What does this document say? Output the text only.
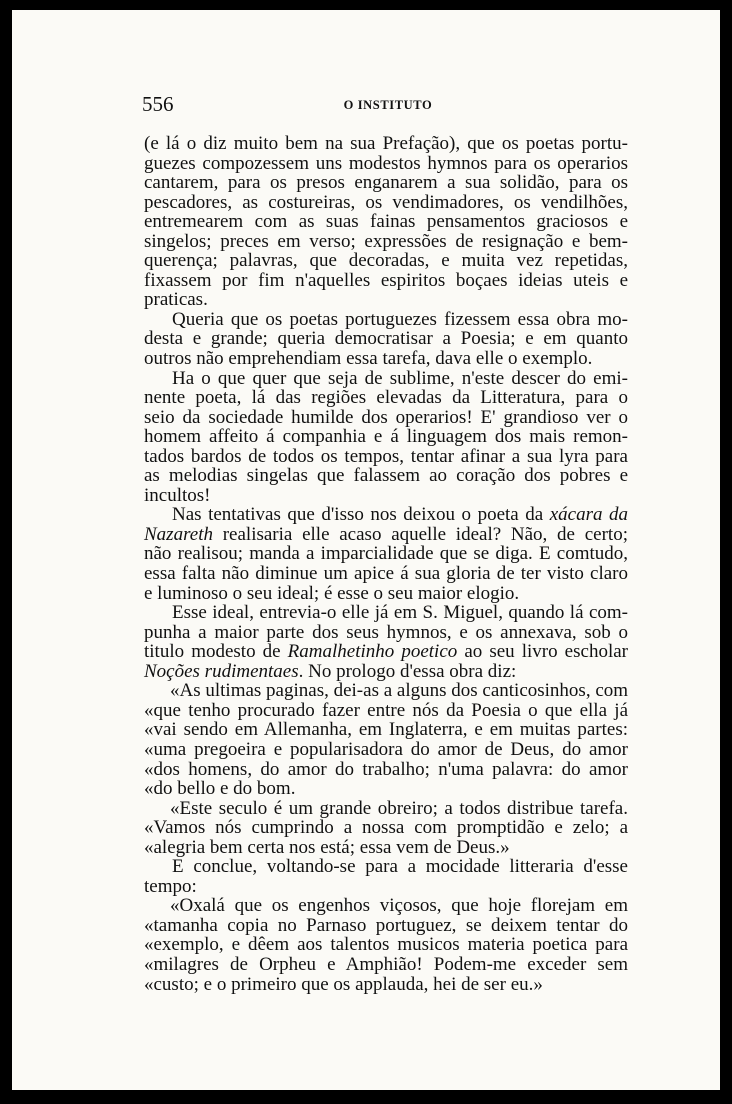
556	O INSTITUTO
(e lá o diz muito bem na sua Prefação), que os poetas portu-
guezes compozessem uns modestos hymnos para os operarios
cantarem, para os presos enganarem a sua solidão, para os
pescadores, as costureiras, os vendimadores, os vendilhões,
entremearem com as suas fainas pensamentos graciosos e
singelos; preces em verso; expressões de resignação e bem-
querença; palavras, que decoradas, e muita vez repetidas,
fixassem por fim n'aquelles espiritos boçaes ideias uteis e
praticas.
Queria que os poetas portuguezes fizessem essa obra mo-
desta e grande; queria democratisar a Poesia; e em quanto
outros não emprehendiam essa tarefa, dava elle o exemplo.
Ha o que quer que seja de sublime, n'este descer do emi-
nente poeta, lá das regiões elevadas da Litteratura, para o
seio da sociedade humilde dos operarios! E' grandioso ver o
homem affeito á companhia e á linguagem dos mais remon-
tados bardos de todos os tempos, tentar afinar a sua lyra para
as melodias singelas que falassem ao coração dos pobres e
incultos!
Nas tentativas que d'isso nos deixou o poeta da xácara da
Nazareth realisaria elle acaso aquelle ideal? Não, de certo;
não realisou; manda a imparcialidade que se diga. E comtudo,
essa falta não diminue um apice á sua gloria de ter visto claro
e luminoso o seu ideal; é esse o seu maior elogio.
Esse ideal, entrevia-o elle já em S. Miguel, quando lá com-
punha a maior parte dos seus hymnos, e os annexava, sob o
titulo modesto de Ramalhetinho poetico ao seu livro escholar
Noções rudimentaes. No prologo d'essa obra diz:
«As ultimas paginas, dei-as a alguns dos canticosinhos, com
«que tenho procurado fazer entre nós da Poesia o que ella já
«vai sendo em Allemanha, em Inglaterra, e em muitas partes:
«uma pregoeira e popularisadora do amor de Deus, do amor
«dos homens, do amor do trabalho; n'uma palavra: do amor
«do bello e do bom.
«Este seculo é um grande obreiro; a todos distribue tarefa.
«Vamos nós cumprindo a nossa com promptidão e zelo; a
«alegria bem certa nos está; essa vem de Deus.»
E conclue, voltando-se para a mocidade litteraria d'esse
tempo:
«Oxalá que os engenhos viçosos, que hoje florejam em
«tamanha copia no Parnaso portuguez, se deixem tentar do
«exemplo, e dêem aos talentos musicos materia poetica para
«milagres de Orpheu e Amphião! Podem-me exceder sem
«custo; e o primeiro que os applauda, hei de ser eu.»
